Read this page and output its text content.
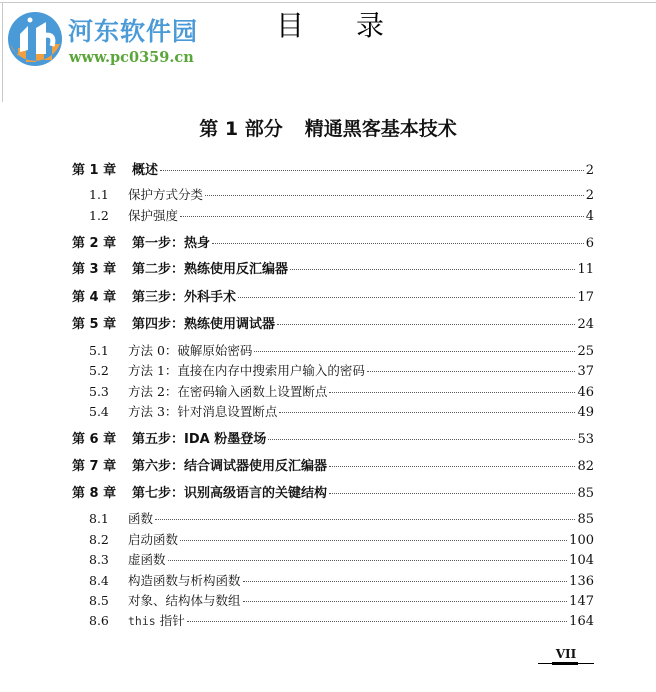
河东软件园
www.pc0359.cn
目录
第 1 部分 精通黑客基本技术
第 1 章	概述	2
1.1	保护方式分类	2
1.2	保护强度	4
第 2 章	第一步：热身	6
第 3 章	第二步：熟练使用反汇编器	11
第 4 章	第三步：外科手术	17
第 5 章	第四步：熟练使用调试器	24
5.1	方法 0：破解原始密码	25
5.2	方法 1：直接在内存中搜索用户输入的密码	37
5.3	方法 2：在密码输入函数上设置断点	46
5.4	方法 3：针对消息设置断点	49
第 6 章	第五步：IDA 粉墨登场	53
第 7 章	第六步：结合调试器使用反汇编器	82
第 8 章	第七步：识别高级语言的关键结构	85
8.1	函数	85
8.2	启动函数	100
8.3	虚函数	104
8.4	构造函数与析构函数	136
8.5	对象、结构体与数组	147
8.6	this 指针	164
VII
